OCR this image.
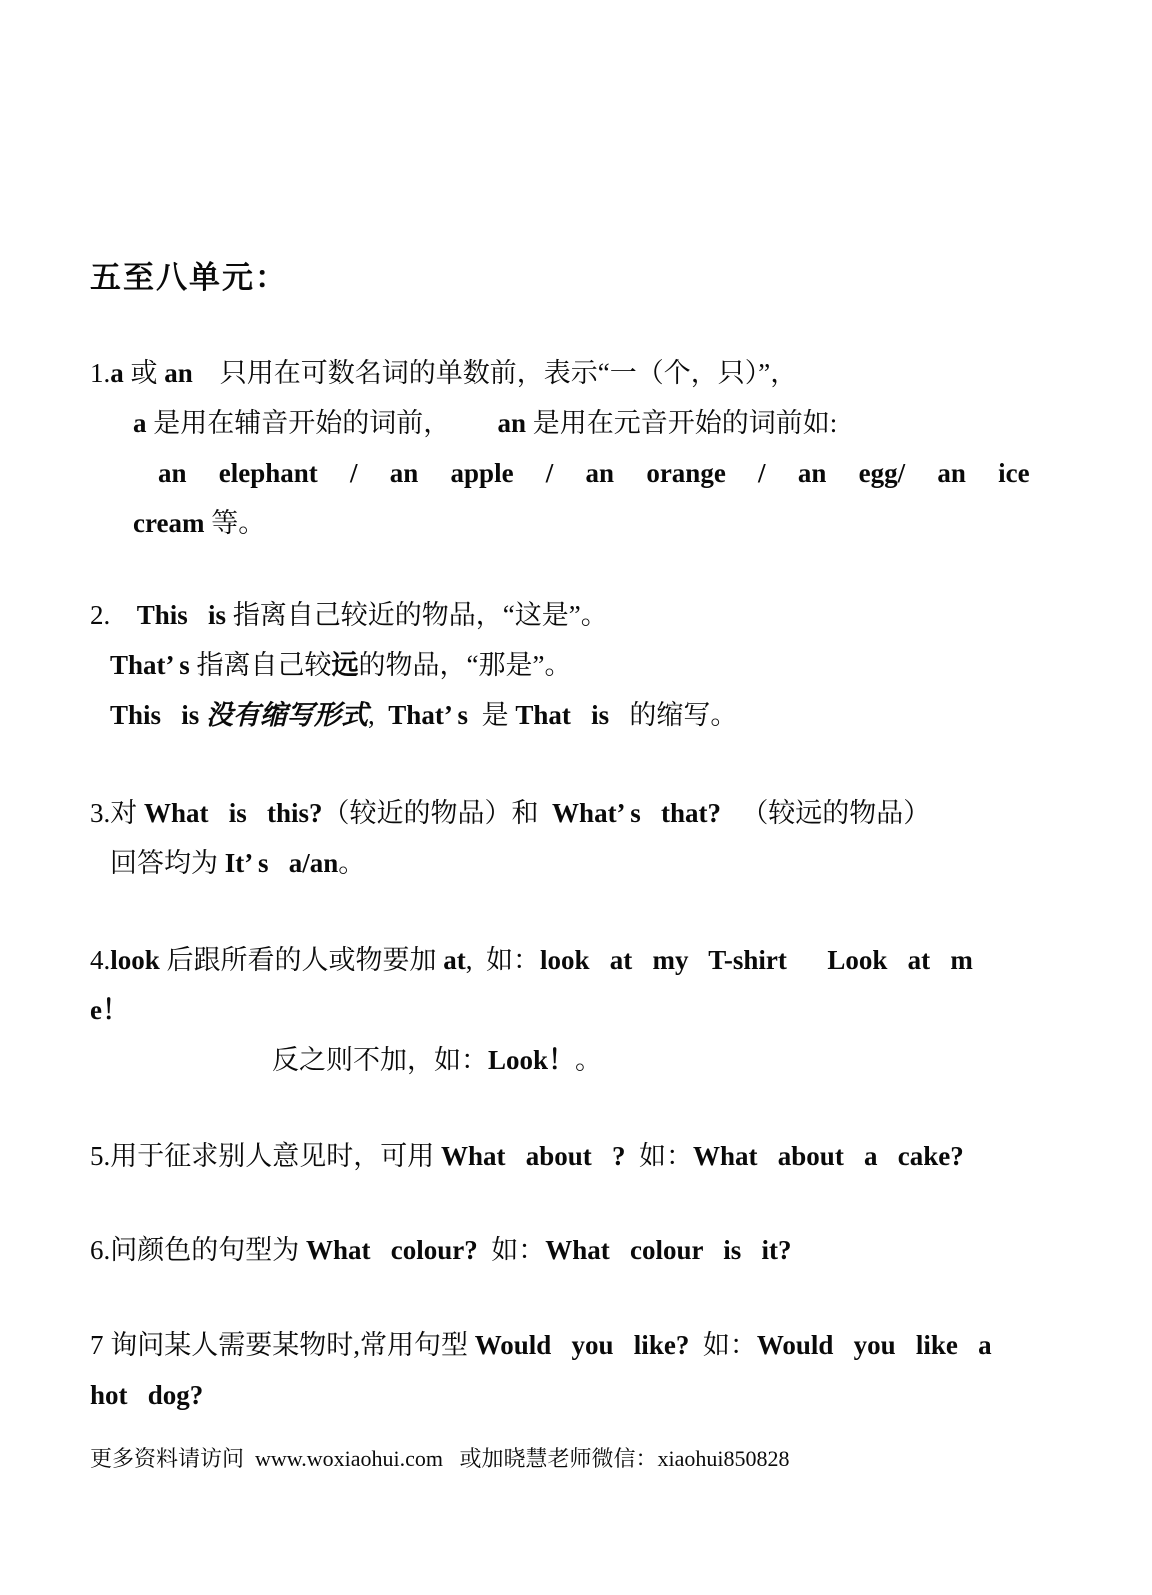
五至八单元：
1.a 或 an    只用在可数名词的单数前，表示“一（个，只）”，
a 是用在辅音开始的词前，       an 是用在元音开始的词前如:
an   elephant   /   an   apple   /   an   orange   /   an   egg/   an   ice
cream 等。
2.    This   is 指离自己较近的物品，“这是”。
That’ s 指离自己较远的物品，“那是”。
This   is 没有缩写形式,  That’ s  是 That   is   的缩写。
3.对 What   is   this?（较近的物品）和  What’ s   that?   （较远的物品）
回答均为 It’ s   a/an。
4.look 后跟所看的人或物要加 at,  如：look   at   my   T-shirt      Look   at   m
e！
反之则不加，如：Look！。
5.用于征求别人意见时，可用 What   about   ?  如：What   about   a   cake?
6.问颜色的句型为 What   colour?  如：What   colour   is   it?
7 询问某人需要某物时,常用句型 Would   you   like?  如：Would   you   like   a
hot   dog?
更多资料请访问  www.woxiaohui.com   或加晓慧老师微信：xiaohui850828
